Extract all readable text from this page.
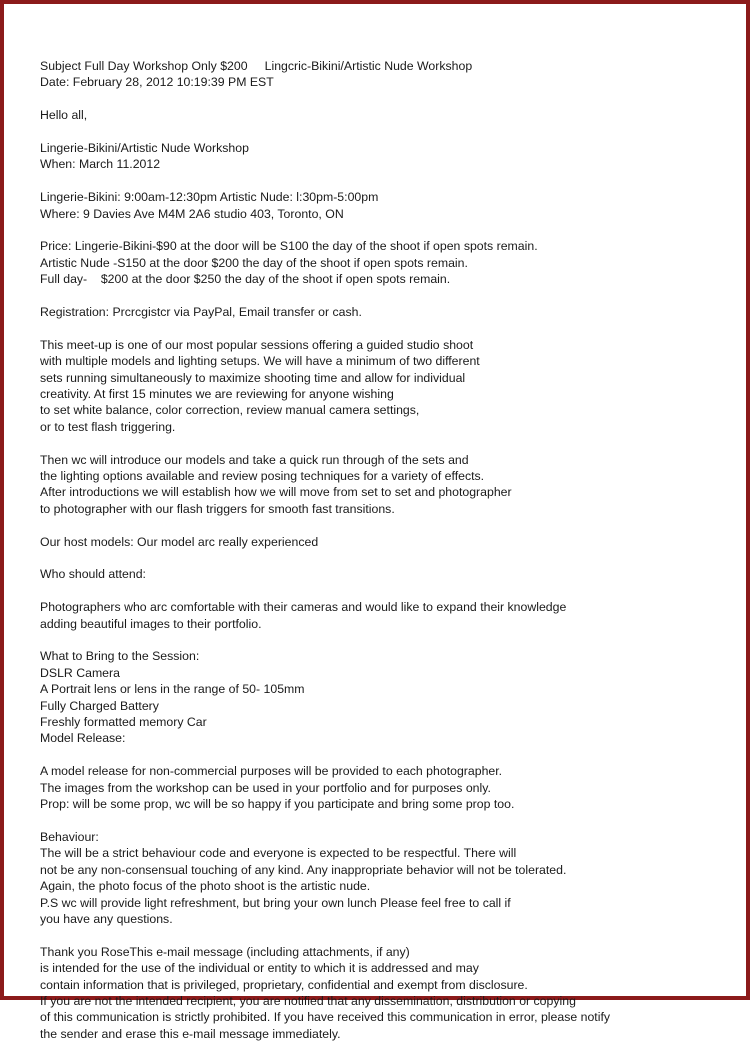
Subject Full Day Workshop Only $200     Lingcric-Bikini/Artistic Nude Workshop
Date: February 28, 2012 10:19:39 PM EST

Hello all,

Lingerie-Bikini/Artistic Nude Workshop
When: March 11.2012

Lingerie-Bikini: 9:00am-12:30pm Artistic Nude: l:30pm-5:00pm
Where: 9 Davies Ave M4M 2A6 studio 403, Toronto, ON

Price: Lingerie-Bikini-$90 at the door will be S100 the day of the shoot if open spots remain.
Artistic Nude -S150 at the door $200 the day of the shoot if open spots remain.
Full day-    $200 at the door $250 the day of the shoot if open spots remain.

Registration: Prcrcgistcr via PayPal, Email transfer or cash.

This meet-up is one of our most popular sessions offering a guided studio shoot
with multiple models and lighting setups. We will have a minimum of two different
sets running simultaneously to maximize shooting time and allow for individual
creativity. At first 15 minutes we are reviewing for anyone wishing
to set white balance, color correction, review manual camera settings,
or to test flash triggering.

Then wc will introduce our models and take a quick run through of the sets and
the lighting options available and review posing techniques for a variety of effects.
After introductions we will establish how we will move from set to set and photographer
to photographer with our flash triggers for smooth fast transitions.

Our host models: Our model arc really experienced

Who should attend:

Photographers who arc comfortable with their cameras and would like to expand their knowledge
adding beautiful images to their portfolio.

What to Bring to the Session:
DSLR Camera
A Portrait lens or lens in the range of 50- 105mm
Fully Charged Battery
Freshly formatted memory Car
Model Release:

A model release for non-commercial purposes will be provided to each photographer.
The images from the workshop can be used in your portfolio and for purposes only.
Prop: will be some prop, wc will be so happy if you participate and bring some prop too.

Behaviour:
The will be a strict behaviour code and everyone is expected to be respectful. There will
not be any non-consensual touching of any kind. Any inappropriate behavior will not be tolerated.
Again, the photo focus of the photo shoot is the artistic nude.
P.S wc will provide light refreshment, but bring your own lunch Please feel free to call if
you have any questions.

Thank you RoseThis e-mail message (including attachments, if any)
is intended for the use of the individual or entity to which it is addressed and may
contain information that is privileged, proprietary, confidential and exempt from disclosure.
If you are not the intended recipient, you are notified that any dissemination, distribution or copying
of this communication is strictly prohibited. If you have received this communication in error, please notify
the sender and erase this e-mail message immediately.
